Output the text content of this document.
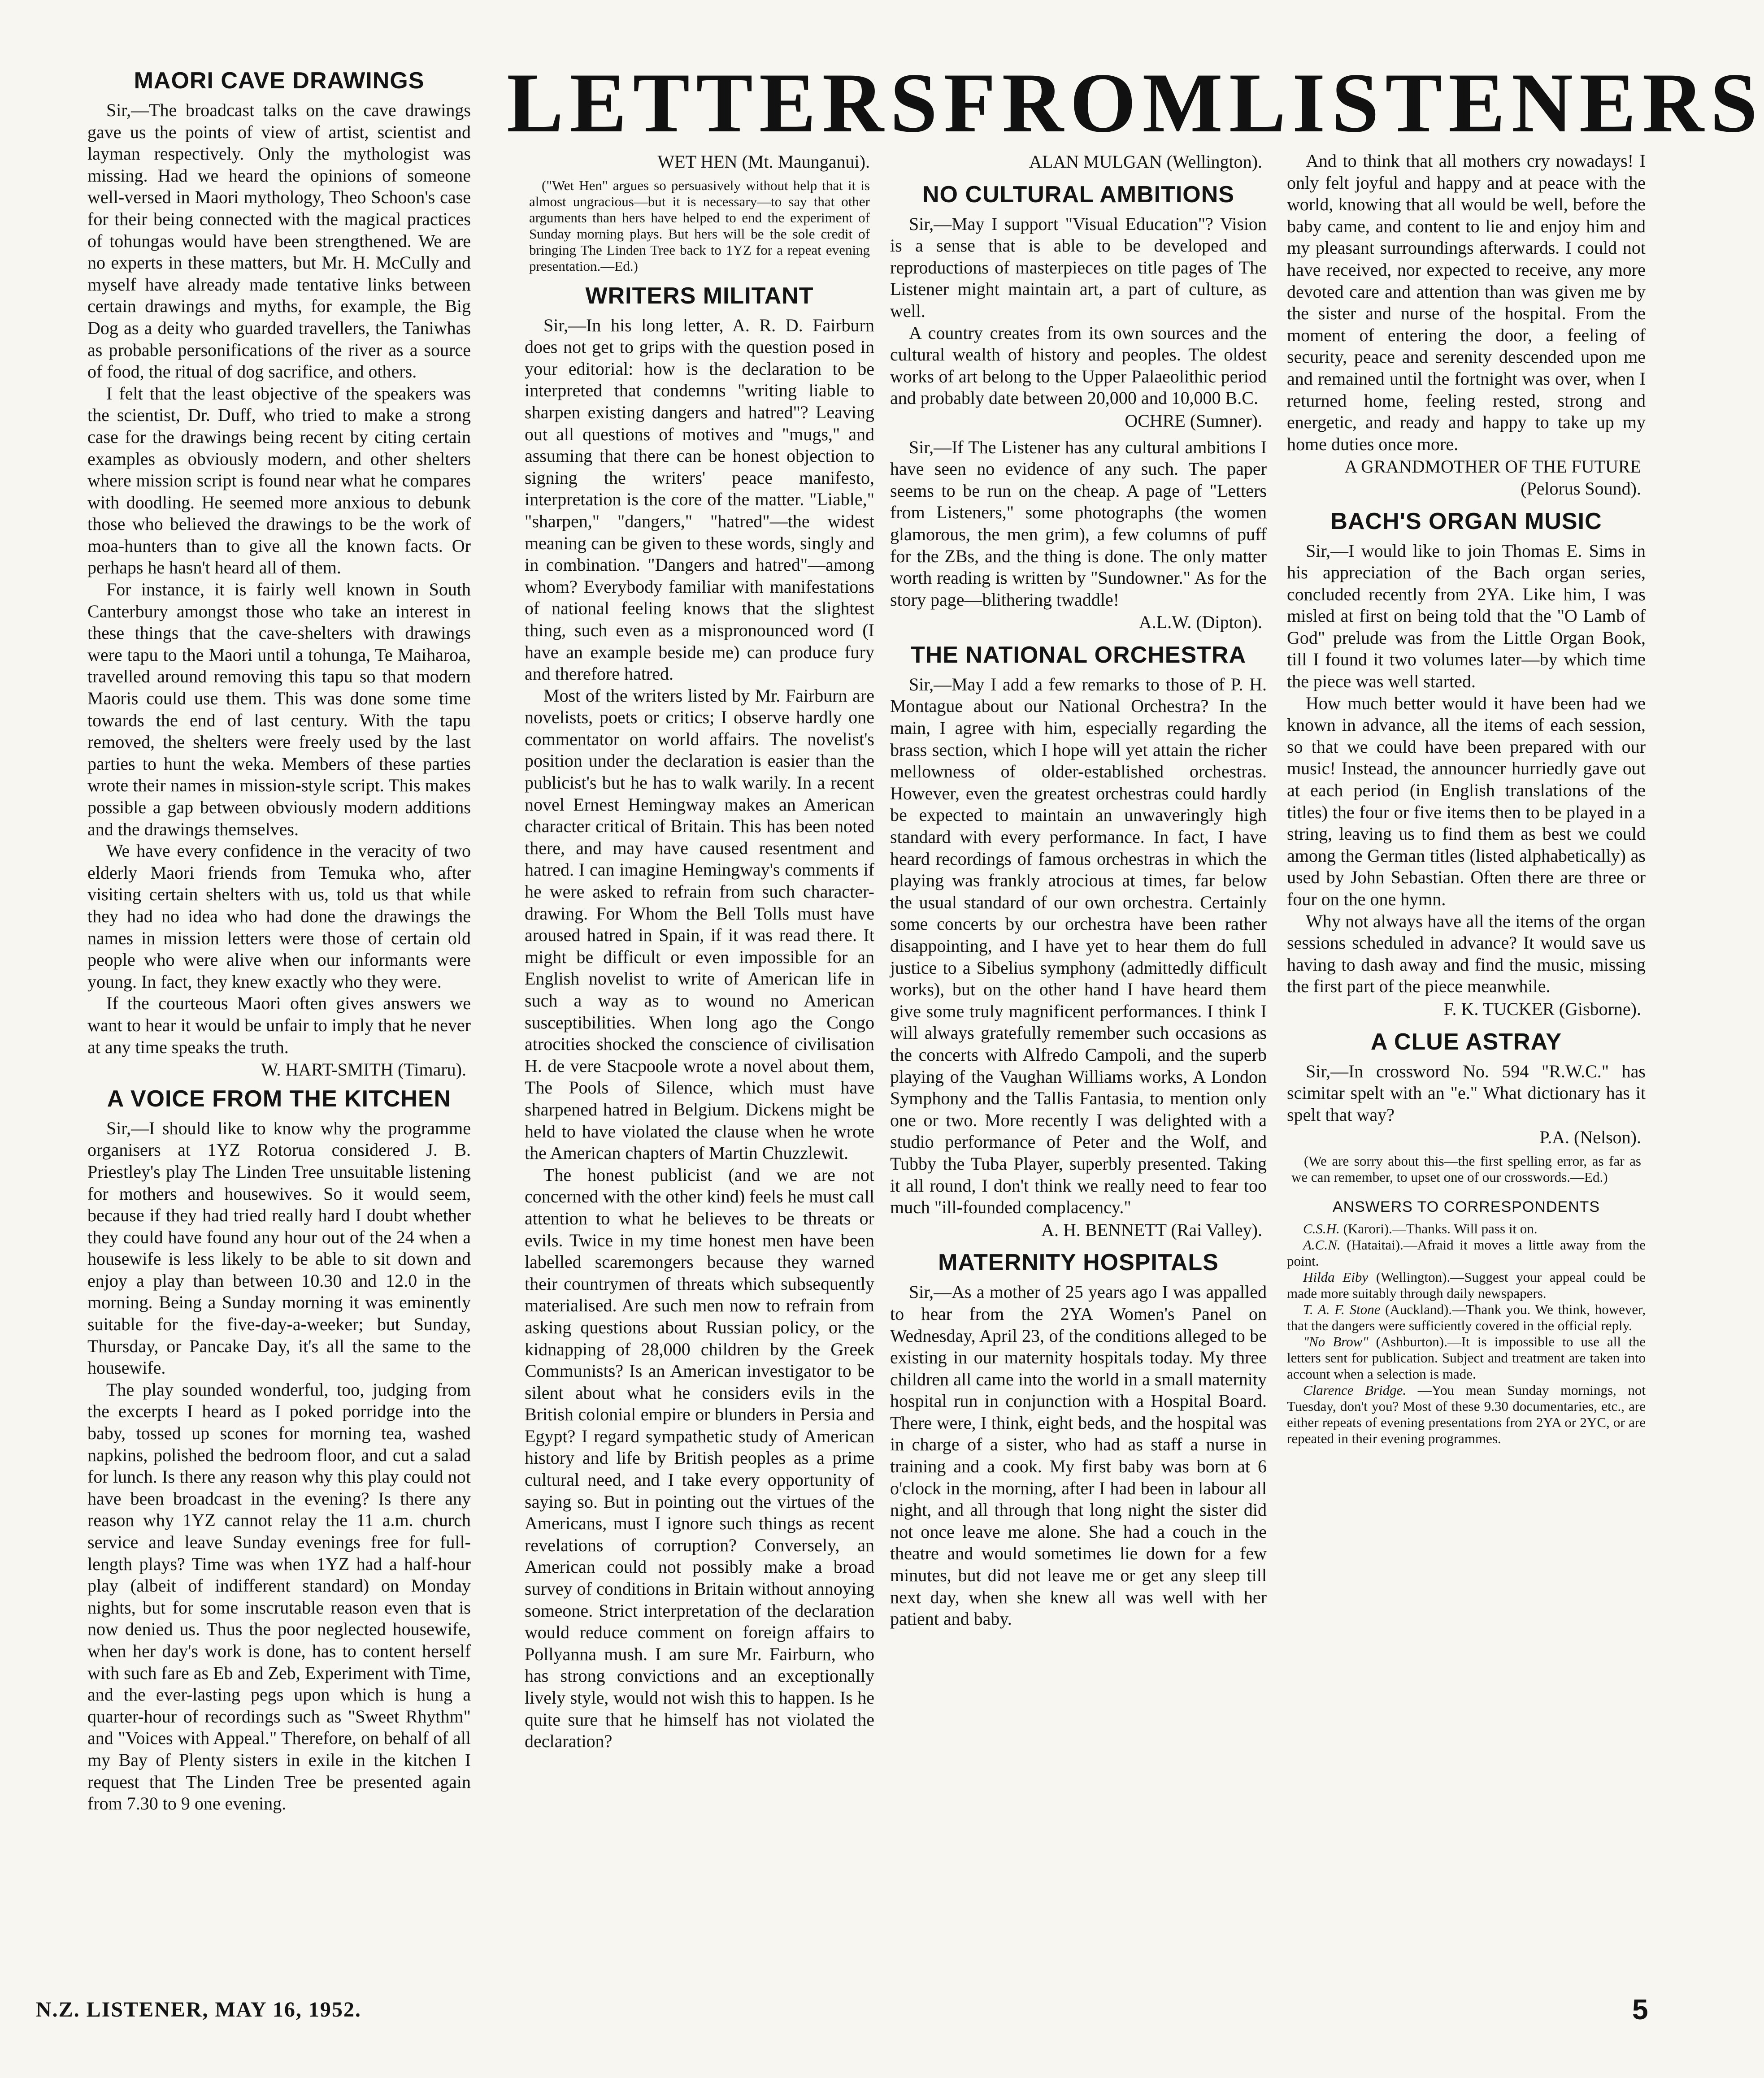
LETTERS FROM LISTENERS
MAORI CAVE DRAWINGS

Sir,—The broadcast talks on the cave drawings gave us the points of view of artist, scientist and layman respectively. Only the mythologist was missing. Had we heard the opinions of someone well-versed in Maori mythology, Theo Schoon's case for their being connected with the magical practices of tohungas would have been strengthened. We are no experts in these matters, but Mr. H. McCully and myself have already made tentative links between certain drawings and myths, for example, the Big Dog as a deity who guarded travellers, the Taniwhas as probable personifications of the river as a source of food, the ritual of dog sacrifice, and others.

I felt that the least objective of the speakers was the scientist, Dr. Duff, who tried to make a strong case for the drawings being recent by citing certain examples as obviously modern, and other shelters where mission script is found near what he compares with doodling. He seemed more anxious to debunk those who believed the drawings to be the work of moa-hunters than to give all the known facts. Or perhaps he hasn't heard all of them.

For instance, it is fairly well known in South Canterbury amongst those who take an interest in these things that the cave-shelters with drawings were tapu to the Maori until a tohunga, Te Maiharoa, travelled around removing this tapu so that modern Maoris could use them. This was done some time towards the end of last century. With the tapu removed, the shelters were freely used by the last parties to hunt the weka. Members of these parties wrote their names in mission-style script. This makes possible a gap between obviously modern additions and the drawings themselves.

We have every confidence in the veracity of two elderly Maori friends from Temuka who, after visiting certain shelters with us, told us that while they had no idea who had done the drawings the names in mission letters were those of certain old people who were alive when our informants were young. In fact, they knew exactly who they were.

If the courteous Maori often gives answers we want to hear it would be unfair to imply that he never at any time speaks the truth.

W. HART-SMITH (Timaru).

A VOICE FROM THE KITCHEN

Sir,—I should like to know why the programme organisers at 1YZ Rotorua considered J. B. Priestley's play The Linden Tree unsuitable listening for mothers and housewives. So it would seem, because if they had tried really hard I doubt whether they could have found any hour out of the 24 when a housewife is less likely to be able to sit down and enjoy a play than between 10.30 and 12.0 in the morning. Being a Sunday morning it was eminently suitable for the five-day-a-weeker; but Sunday, Thursday, or Pancake Day, it's all the same to the housewife.

The play sounded wonderful, too, judging from the excerpts I heard as I poked porridge into the baby, tossed up scones for morning tea, washed napkins, polished the bedroom floor, and cut a salad for lunch. Is there any reason why this play could not have been broadcast in the evening? Is there any reason why 1YZ cannot relay the 11 a.m. church service and leave Sunday evenings free for full-length plays? Time was when 1YZ had a half-hour play (albeit of indifferent standard) on Monday nights, but for some inscrutable reason even that is now denied us. Thus the poor neglected housewife, when her day's work is done, has to content herself with such fare as Eb and Zeb, Experiment with Time, and the ever-lasting pegs upon which is hung a quarter-hour of recordings such as "Sweet Rhythm" and "Voices with Appeal." Therefore, on behalf of all my Bay of Plenty sisters in exile in the kitchen I request that The Linden Tree be presented again from 7.30 to 9 one evening.

WET HEN (Mt. Maunganui).

("Wet Hen" argues so persuasively without help that it is almost ungracious—but it is necessary—to say that other arguments than hers have helped to end the experiment of Sunday morning plays. But hers will be the sole credit of bringing The Linden Tree back to 1YZ for a repeat evening presentation.—Ed.)
WRITERS MILITANT

Sir,—In his long letter, A. R. D. Fairburn does not get to grips with the question posed in your editorial: how is the declaration to be interpreted that condemns "writing liable to sharpen existing dangers and hatred"? Leaving out all questions of motives and "mugs," and assuming that there can be honest objection to signing the writers' peace manifesto, interpretation is the core of the matter. "Liable," "sharpen," "dangers," "hatred"—the widest meaning can be given to these words, singly and in combination. "Dangers and hatred"—among whom? Everybody familiar with manifestations of national feeling knows that the slightest thing, such even as a mispronounced word (I have an example beside me) can produce fury and therefore hatred.

Most of the writers listed by Mr. Fairburn are novelists, poets or critics; I observe hardly one commentator on world affairs. The novelist's position under the declaration is easier than the publicist's but he has to walk warily. In a recent novel Ernest Hemingway makes an American character critical of Britain. This has been noted there, and may have caused resentment and hatred. I can imagine Hemingway's comments if he were asked to refrain from such character-drawing. For Whom the Bell Tolls must have aroused hatred in Spain, if it was read there. It might be difficult or even impossible for an English novelist to write of American life in such a way as to wound no American susceptibilities. When long ago the Congo atrocities shocked the conscience of civilisation H. de vere Stacpoole wrote a novel about them, The Pools of Silence, which must have sharpened hatred in Belgium. Dickens might be held to have violated the clause when he wrote the American chapters of Martin Chuzzlewit.

The honest publicist (and we are not concerned with the other kind) feels he must call attention to what he believes to be threats or evils. Twice in my time honest men have been labelled scaremongers because they warned their countrymen of threats which subsequently materialised. Are such men now to refrain from asking questions about Russian policy, or the kidnapping of 28,000 children by the Greek Communists? Is an American investigator to be silent about what he considers evils in the British colonial empire or blunders in Persia and Egypt? I regard sympathetic study of American history and life by British peoples as a prime cultural need, and I take every opportunity of saying so. But in pointing out the virtues of the Americans, must I ignore such things as recent revelations of corruption? Conversely, an American could not possibly make a broad survey of conditions in Britain without annoying someone. Strict interpretation of the declaration would reduce comment on foreign affairs to Pollyanna mush. I am sure Mr. Fairburn, who has strong convictions and an exceptionally lively style, would not wish this to happen. Is he quite sure that he himself has not violated the declaration?

ALAN MULGAN (Wellington).

NO CULTURAL AMBITIONS

Sir,—May I support "Visual Education"? Vision is a sense that is able to be developed and reproductions of masterpieces on title pages of The Listener might maintain art, a part of culture, as well.

A country creates from its own sources and the cultural wealth of history and peoples. The oldest works of art belong to the Upper Palaeolithic period and probably date between 20,000 and 10,000 B.C.

OCHRE (Sumner).

Sir,—If The Listener has any cultural ambitions I have seen no evidence of any such. The paper seems to be run on the cheap. A page of "Letters from Listeners," some photographs (the women glamorous, the men grim), a few columns of puff for the ZBs, and the thing is done. The only matter worth reading is written by "Sundowner." As for the story page—blithering twaddle!

A.L.W. (Dipton).

THE NATIONAL ORCHESTRA

Sir,—May I add a few remarks to those of P. H. Montague about our National Orchestra? In the main, I agree with him, especially regarding the brass section, which I hope will yet attain the richer mellowness of older-established orchestras. However, even the greatest orchestras could hardly be expected to maintain an unwaveringly high standard with every performance. In fact, I have heard recordings of famous orchestras in which the playing was frankly atrocious at times, far below the usual standard of our own orchestra. Certainly some concerts by our orchestra have been rather disappointing, and I have yet to hear them do full justice to a Sibelius symphony (admittedly difficult works), but on the other hand I have heard them give some truly magnificent performances. I think I will always gratefully remember such occasions as the concerts with Alfredo Campoli, and the superb playing of the Vaughan Williams works, A London Symphony and the Tallis Fantasia, to mention only one or two. More recently I was delighted with a studio performance of Peter and the Wolf, and Tubby the Tuba Player, superbly presented. Taking it all round, I don't think we really need to fear too much "ill-founded complacency."

A. H. BENNETT (Rai Valley).

MATERNITY HOSPITALS

Sir,—As a mother of 25 years ago I was appalled to hear from the 2YA Women's Panel on Wednesday, April 23, of the conditions alleged to be existing in our maternity hospitals today. My three children all came into the world in a small maternity hospital run in conjunction with a Hospital Board. There were, I think, eight beds, and the hospital was in charge of a sister, who had as staff a nurse in training and a cook. My first baby was born at 6 o'clock in the morning, after I had been in labour all night, and all through that long night the sister did not once leave me alone. She had a couch in the theatre and would sometimes lie down for a few minutes, but did not leave me or get any sleep till next day, when she knew all was well with her patient and baby.

And to think that all mothers cry nowadays! I only felt joyful and happy and at peace with the world, knowing that all would be well, before the baby came, and content to lie and enjoy him and my pleasant surroundings afterwards. I could not have received, nor expected to receive, any more devoted care and attention than was given me by the sister and nurse of the hospital. From the moment of entering the door, a feeling of security, peace and serenity descended upon me and remained until the fortnight was over, when I returned home, feeling rested, strong and energetic, and ready and happy to take up my home duties once more.

A GRANDMOTHER OF THE FUTURE (Pelorus Sound).

BACH'S ORGAN MUSIC

Sir,—I would like to join Thomas E. Sims in his appreciation of the Bach organ series, concluded recently from 2YA. Like him, I was misled at first on being told that the "O Lamb of God" prelude was from the Little Organ Book, till I found it two volumes later—by which time the piece was well started.

How much better would it have been had we known in advance, all the items of each session, so that we could have been prepared with our music! Instead, the announcer hurriedly gave out at each period (in English translations of the titles) the four or five items then to be played in a string, leaving us to find them as best we could among the German titles (listed alphabetically) as used by John Sebastian. Often there are three or four on the one hymn.

Why not always have all the items of the organ sessions scheduled in advance? It would save us having to dash away and find the music, missing the first part of the piece meanwhile.

F. K. TUCKER (Gisborne).

A CLUE ASTRAY

Sir,—In crossword No. 594 "R.W.C." has scimitar spelt with an "e." What dictionary has it spelt that way?

P.A. (Nelson).

(We are sorry about this—the first spelling error, as far as we can remember, to upset one of our crosswords.—Ed.)
ANSWERS TO CORRESPONDENTS

C.S.H. (Karori).—Thanks. Will pass it on.

A.C.N. (Hataitai).—Afraid it moves a little away from the point.

Hilda Eiby (Wellington).—Suggest your appeal could be made more suitably through daily newspapers.

T. A. F. Stone (Auckland).—Thank you. We think, however, that the dangers were sufficiently covered in the official reply.

"No Brow" (Ashburton).—It is impossible to use all the letters sent for publication. Subject and treatment are taken into account when a selection is made.

Clarence Bridge. —You mean Sunday mornings, not Tuesday, don't you? Most of these 9.30 documentaries, etc., are either repeats of evening presentations from 2YA or 2YC, or are repeated in their evening programmes.

N.Z. LISTENER, MAY 16, 1952.	5
